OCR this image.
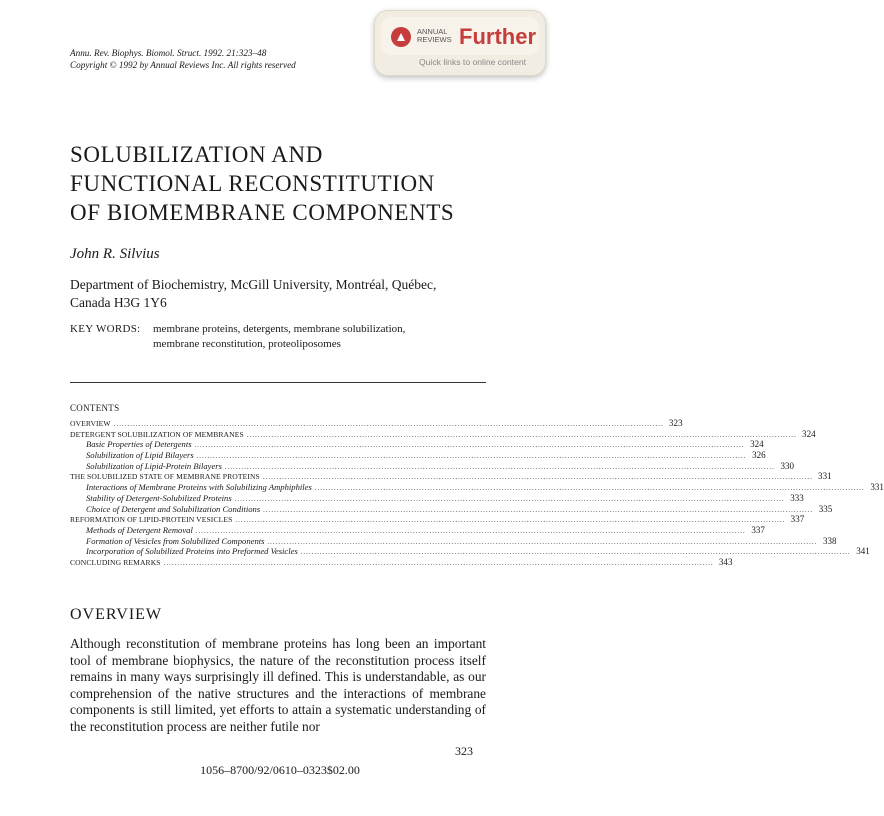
Annu. Rev. Biophys. Biomol. Struct. 1992. 21:323–48
Copyright © 1992 by Annual Reviews Inc. All rights reserved
ANNUAL
REVIEWS Further
Quick links to online content
SOLUBILIZATION AND
FUNCTIONAL RECONSTITUTION
OF BIOMEMBRANE COMPONENTS
John R. Silvius
Department of Biochemistry, McGill University, Montréal, Québec,
Canada H3G 1Y6
KEY WORDS:	membrane proteins, detergents, membrane solubilization,
membrane reconstitution, proteoliposomes
CONTENTS
OVERVIEW ........................................................................................................................................................................................................ 323
DETERGENT SOLUBILIZATION OF MEMBRANES ........................................................................................................................................................................................................ 324
Basic Properties of Detergents ........................................................................................................................................................................................................ 324
Solubilization of Lipid Bilayers ........................................................................................................................................................................................................ 326
Solubilization of Lipid-Protein Bilayers ........................................................................................................................................................................................................ 330
THE SOLUBILIZED STATE OF MEMBRANE PROTEINS ........................................................................................................................................................................................................ 331
Interactions of Membrane Proteins with Solubilizing Amphiphiles ........................................................................................................................................................................................................ 331
Stability of Detergent-Solubilized Proteins ........................................................................................................................................................................................................ 333
Choice of Detergent and Solubilization Conditions ........................................................................................................................................................................................................ 335
REFORMATION OF LIPID-PROTEIN VESICLES ........................................................................................................................................................................................................ 337
Methods of Detergent Removal ........................................................................................................................................................................................................ 337
Formation of Vesicles from Solubilized Components ........................................................................................................................................................................................................ 338
Incorporation of Solubilized Proteins into Preformed Vesicles ........................................................................................................................................................................................................ 341
CONCLUDING REMARKS ........................................................................................................................................................................................................ 343
OVERVIEW

Although reconstitution of membrane proteins has long been an important tool of membrane biophysics, the nature of the reconstitution process itself remains in many ways surprisingly ill defined. This is understandable, as our comprehension of the native structures and the interactions of membrane components is still limited, yet efforts to attain a systematic understanding of the reconstitution process are neither futile nor

323
1056–8700/92/0610–0323$02.00
